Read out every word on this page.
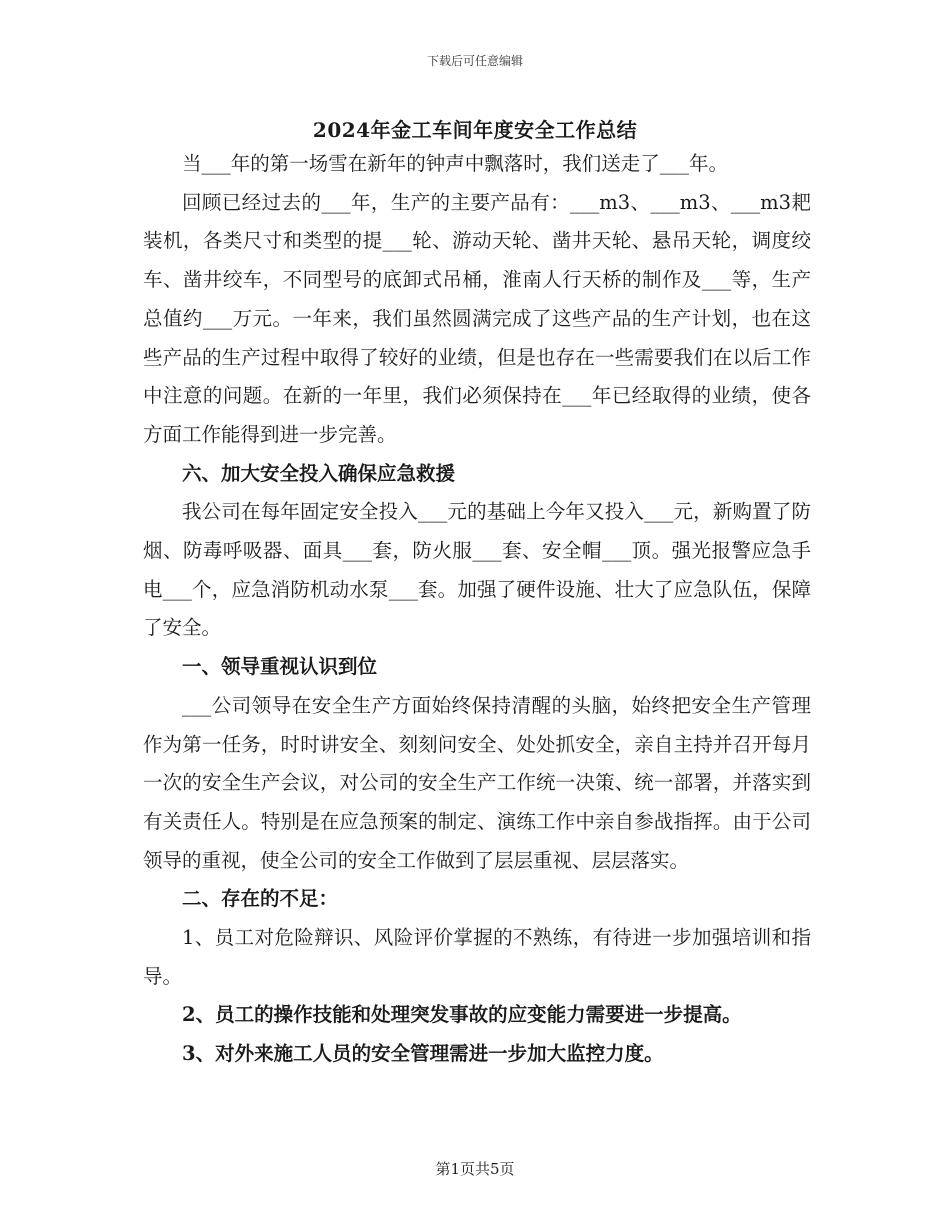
下载后可任意编辑
2024年金工车间年度安全工作总结

当___年的第一场雪在新年的钟声中飘落时，我们送走了___年。

回顾已经过去的___年，生产的主要产品有：___m3、___m3、___m3耙装机，各类尺寸和类型的提___轮、游动天轮、凿井天轮、悬吊天轮，调度绞车、凿井绞车，不同型号的底卸式吊桶，淮南人行天桥的制作及___等，生产总值约___万元。一年来，我们虽然圆满完成了这些产品的生产计划，也在这些产品的生产过程中取得了较好的业绩，但是也存在一些需要我们在以后工作中注意的问题。在新的一年里，我们必须保持在___年已经取得的业绩，使各方面工作能得到进一步完善。

六、加大安全投入确保应急救援

我公司在每年固定安全投入___元的基础上今年又投入___元，新购置了防烟、防毒呼吸器、面具___套，防火服___套、安全帽___顶。强光报警应急手电___个，应急消防机动水泵___套。加强了硬件设施、壮大了应急队伍，保障了安全。

一、领导重视认识到位

___公司领导在安全生产方面始终保持清醒的头脑，始终把安全生产管理作为第一任务，时时讲安全、刻刻问安全、处处抓安全，亲自主持并召开每月一次的安全生产会议，对公司的安全生产工作统一决策、统一部署，并落实到有关责任人。特别是在应急预案的制定、演练工作中亲自参战指挥。由于公司领导的重视，使全公司的安全工作做到了层层重视、层层落实。

二、存在的不足：

1、员工对危险辩识、风险评价掌握的不熟练，有待进一步加强培训和指导。

2、员工的操作技能和处理突发事故的应变能力需要进一步提高。

3、对外来施工人员的安全管理需进一步加大监控力度。

第1页共5页
